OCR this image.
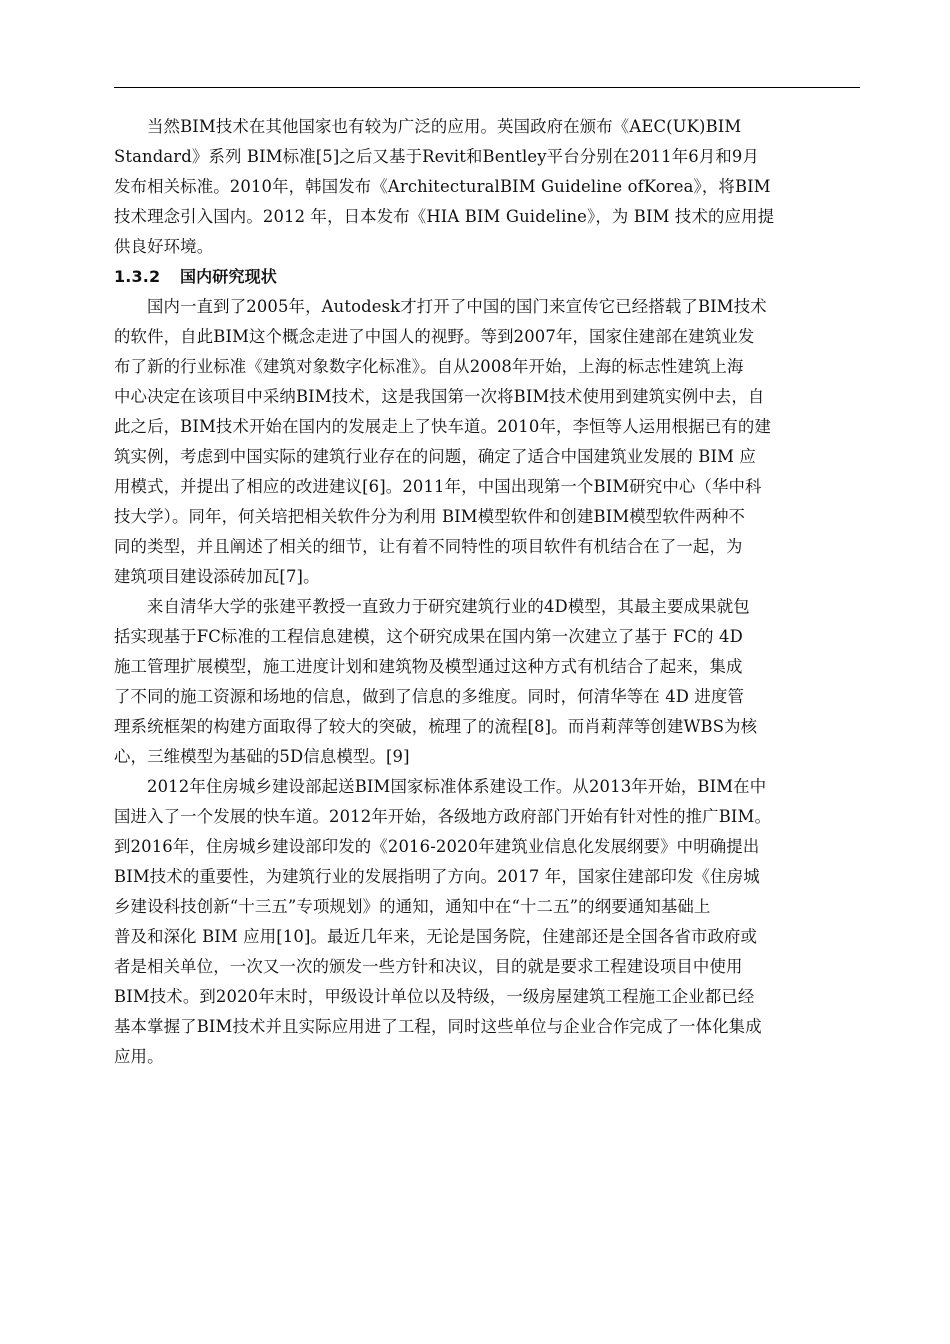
当然BIM技术在其他国家也有较为广泛的应用。英国政府在颁布《AEC(UK)BIM
Standard》系列 BIM标准[5]之后又基于Revit和Bentley平台分别在2011年6月和9月
发布相关标准。2010年，韩国发布《ArchitecturalBIM Guideline ofKorea》，将BIM
技术理念引入国内。2012 年，日本发布《HIA BIM Guideline》，为 BIM 技术的应用提
供良好环境。
1.3.2 国内研究现状
国内一直到了2005年，Autodesk才打开了中国的国门来宣传它已经搭载了BIM技术
的软件，自此BIM这个概念走进了中国人的视野。等到2007年，国家住建部在建筑业发
布了新的行业标准《建筑对象数字化标准》。自从2008年开始，上海的标志性建筑上海
中心决定在该项目中采纳BIM技术，这是我国第一次将BIM技术使用到建筑实例中去，自
此之后，BIM技术开始在国内的发展走上了快车道。2010年，李恒等人运用根据已有的建
筑实例，考虑到中国实际的建筑行业存在的问题，确定了适合中国建筑业发展的 BIM 应
用模式，并提出了相应的改进建议[6]。2011年，中国出现第一个BIM研究中心（华中科
技大学）。同年，何关培把相关软件分为利用 BIM模型软件和创建BIM模型软件两种不
同的类型，并且阐述了相关的细节，让有着不同特性的项目软件有机结合在了一起，为
建筑项目建设添砖加瓦[7]。
来自清华大学的张建平教授一直致力于研究建筑行业的4D模型，其最主要成果就包
括实现基于FC标准的工程信息建模，这个研究成果在国内第一次建立了基于 FC的 4D
施工管理扩展模型，施工进度计划和建筑物及模型通过这种方式有机结合了起来，集成
了不同的施工资源和场地的信息，做到了信息的多维度。同时，何清华等在 4D 进度管
理系统框架的构建方面取得了较大的突破，梳理了的流程[8]。而肖莉萍等创建WBS为核
心，三维模型为基础的5D信息模型。[9]
2012年住房城乡建设部起送BIM国家标准体系建设工作。从2013年开始，BIM在中
国进入了一个发展的快车道。2012年开始，各级地方政府部门开始有针对性的推广BIM。
到2016年，住房城乡建设部印发的《2016-2020年建筑业信息化发展纲要》中明确提出
BIM技术的重要性，为建筑行业的发展指明了方向。2017 年，国家住建部印发《住房城
乡建设科技创新“十三五”专项规划》的通知，通知中在“十二五”的纲要通知基础上
普及和深化 BIM 应用[10]。最近几年来，无论是国务院，住建部还是全国各省市政府或
者是相关单位，一次又一次的颁发一些方针和决议，目的就是要求工程建设项目中使用
BIM技术。到2020年末时，甲级设计单位以及特级，一级房屋建筑工程施工企业都已经
基本掌握了BIM技术并且实际应用进了工程，同时这些单位与企业合作完成了一体化集成
应用。
